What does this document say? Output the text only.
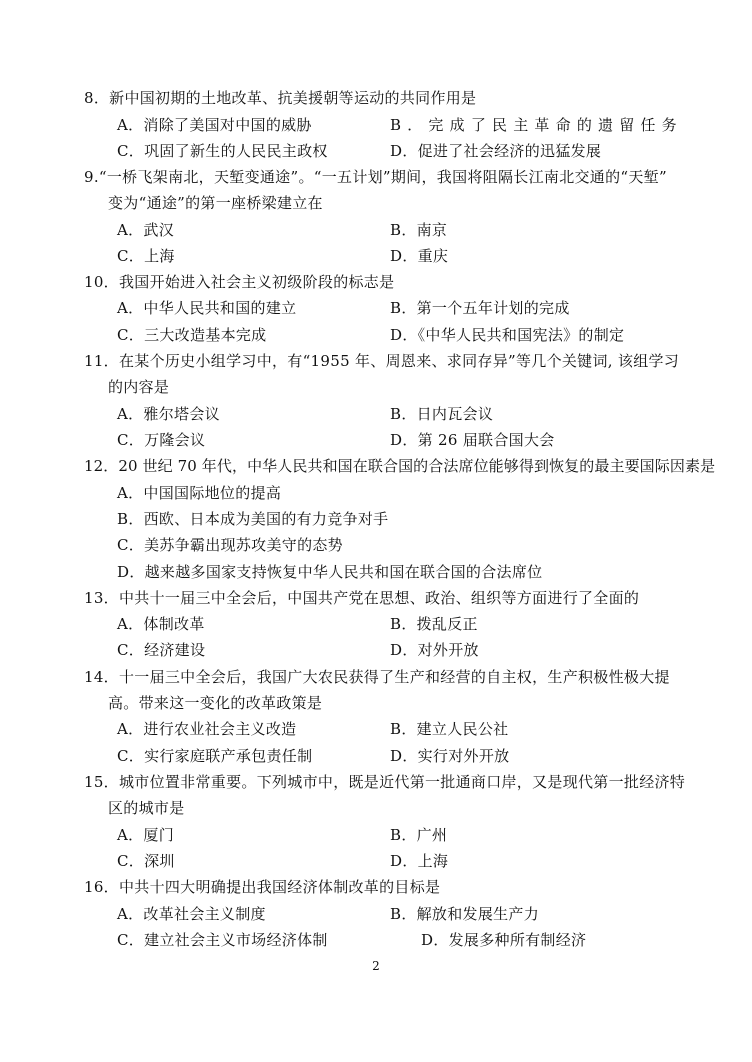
8．新中国初期的土地改革、抗美援朝等运动的共同作用是
A．消除了美国对中国的威胁	B．完成了民主革命的遗留任务
C．巩固了新生的人民民主政权	D．促进了社会经济的迅猛发展
9.“一桥飞架南北，天堑变通途”。“一五计划”期间，我国将阻隔长江南北交通的“天堑”
变为“通途”的第一座桥梁建立在
A．武汉	B．南京
C．上海	D．重庆
10．我国开始进入社会主义初级阶段的标志是
A．中华人民共和国的建立	B．第一个五年计划的完成
C．三大改造基本完成	D．《中华人民共和国宪法》的制定
11．在某个历史小组学习中，有“1955 年、周恩来、求同存异”等几个关键词, 该组学习
的内容是
A．雅尔塔会议	B．日内瓦会议
C．万隆会议	D．第 26 届联合国大会
12．20 世纪 70 年代，中华人民共和国在联合国的合法席位能够得到恢复的最主要国际因素是
A．中国国际地位的提高
B．西欧、日本成为美国的有力竞争对手
C．美苏争霸出现苏攻美守的态势
D．越来越多国家支持恢复中华人民共和国在联合国的合法席位
13．中共十一届三中全会后，中国共产党在思想、政治、组织等方面进行了全面的
A．体制改革	B．拨乱反正
C．经济建设	D．对外开放
14．十一届三中全会后，我国广大农民获得了生产和经营的自主权，生产积极性极大提
高。带来这一变化的改革政策是
A．进行农业社会主义改造	B．建立人民公社
C．实行家庭联产承包责任制	D．实行对外开放
15．城市位置非常重要。下列城市中，既是近代第一批通商口岸，又是现代第一批经济特
区的城市是
A．厦门	B．广州
C．深圳	D．上海
16．中共十四大明确提出我国经济体制改革的目标是
A．改革社会主义制度	B．解放和发展生产力
C．建立社会主义市场经济体制	D．发展多种所有制经济
2
